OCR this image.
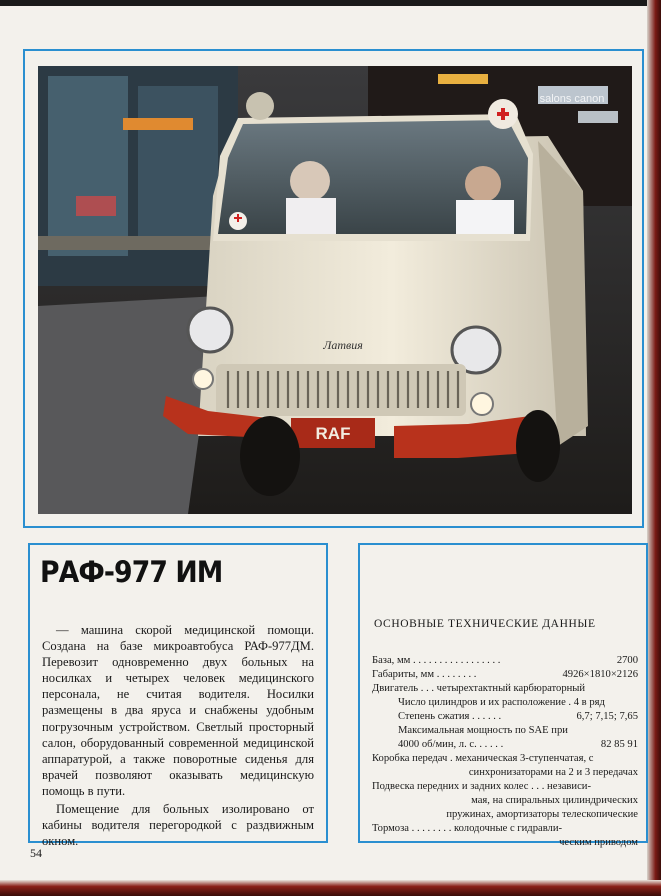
RAF
Латвия
salons canon
РАФ-977 ИМ

— машина скорой медицинской помощи. Создана на базе микроавтобуса РАФ-977ДМ. Перевозит одновременно двух больных на носилках и четырех человек медицинского персонала, не считая водителя. Носилки размещены в два яруса и снабжены удобным погрузочным устройством. Светлый просторный салон, оборудованный современной медицинской аппаратурой, а также поворотные сиденья для врачей позволяют оказывать медицинскую помощь в пути.

Помещение для больных изолировано от кабины водителя перегородкой с раздвижным окном.

ОСНОВНЫЕ ТЕХНИЧЕСКИЕ ДАННЫЕ
База, мм . . . . . . . . . . . . . . . . .	2700
Габариты, мм . . . . . . . .	4926×1810×2126
Двигатель . . . четырехтактный карбюраторный
Число цилиндров и их расположение . 4 в ряд
Степень сжатия . . . . . .	6,7; 7,15; 7,65
Максимальная мощность по SAE при
4000 об/мин, л. с. . . . . .	82 85 91
Коробка передач . механическая 3-ступенчатая, с
синхронизаторами на 2 и 3 передачах
Подвеска передних и задних колес . . . независи-
мая, на спиральных цилиндрических
пружинах, амортизаторы телескопические
Тормоза . . . . . . . . колодочные с гидравли-
ческим приводом
54
